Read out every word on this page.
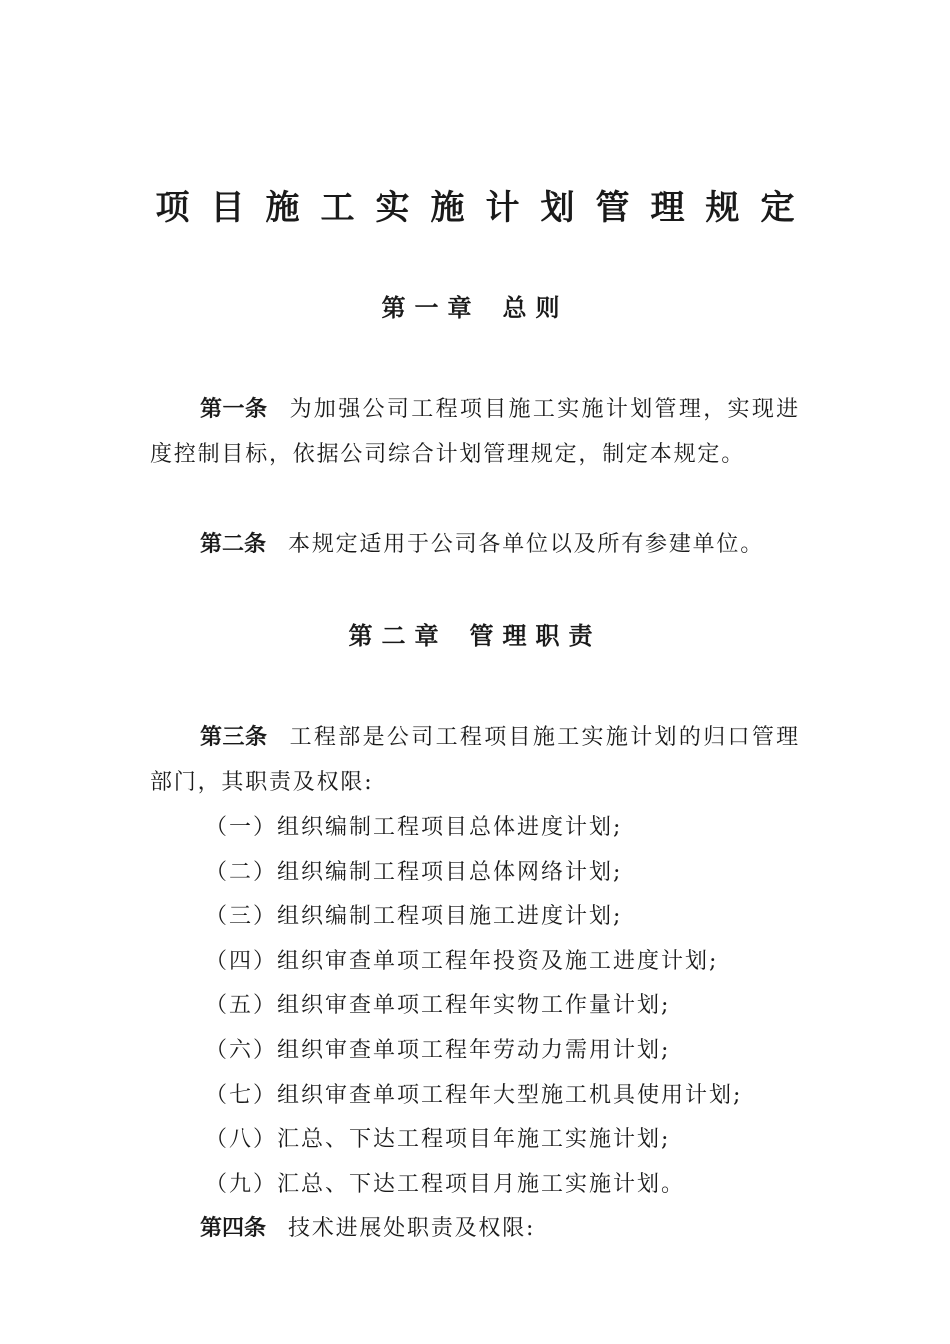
项目施工实施计划管理规定
第一章 总则
第一条 为加强公司工程项目施工实施计划管理，实现进度控制目标，依据公司综合计划管理规定，制定本规定。
第二条 本规定适用于公司各单位以及所有参建单位。
第二章 管理职责
第三条 工程部是公司工程项目施工实施计划的归口管理部门，其职责及权限:
（一）组织编制工程项目总体进度计划;
（二）组织编制工程项目总体网络计划;
（三）组织编制工程项目施工进度计划;
（四）组织审查单项工程年投资及施工进度计划;
（五）组织审查单项工程年实物工作量计划;
（六）组织审查单项工程年劳动力需用计划;
（七）组织审查单项工程年大型施工机具使用计划;
（八）汇总、下达工程项目年施工实施计划;
（九）汇总、下达工程项目月施工实施计划。
第四条 技术进展处职责及权限:
